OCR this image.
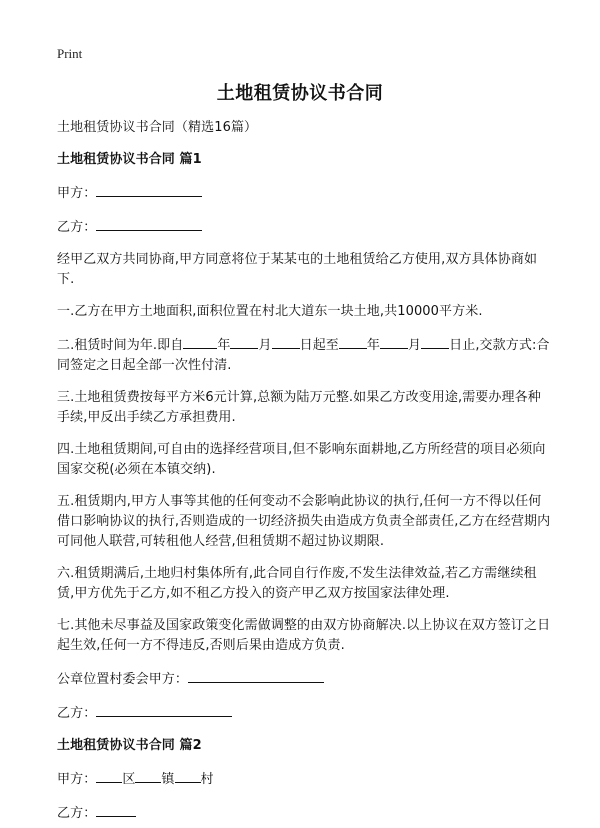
Print
土地租赁协议书合同

土地租赁协议书合同（精选16篇）

土地租赁协议书合同 篇1

甲方：

乙方：

经甲乙双方共同协商,甲方同意将位于某某屯的土地租赁给乙方使用,双方具体协商如下.

一.乙方在甲方土地面积,面积位置在村北大道东一块土地,共10000平方米.

二.租赁时间为年.即自	年 月 日起至 年 月 日止,交款方式:合同签定之日起全部一次性付清.

三.土地租赁费按每平方米6元计算,总额为陆万元整.如果乙方改变用途,需要办理各种手续,甲反出手续乙方承担费用.

四.土地租赁期间,可自由的选择经营项目,但不影响东面耕地,乙方所经营的项目必须向国家交税(必须在本镇交纳).

五.租赁期内,甲方人事等其他的任何变动不会影响此协议的执行,任何一方不得以任何借口影响协议的执行,否则造成的一切经济损失由造成方负责全部责任,乙方在经营期内可同他人联营,可转租他人经营,但租赁期不超过协议期限.

六.租赁期满后,土地归村集体所有,此合同自行作废,不发生法律效益,若乙方需继续租赁,甲方优先于乙方,如不租乙方投入的资产甲乙双方按国家法律处理.

七.其他未尽事益及国家政策变化需做调整的由双方协商解决.以上协议在双方签订之日起生效,任何一方不得违反,否则后果由造成方负责.

公章位置村委会甲方：

乙方：

土地租赁协议书合同 篇2

甲方： 区 镇 村

乙方：
